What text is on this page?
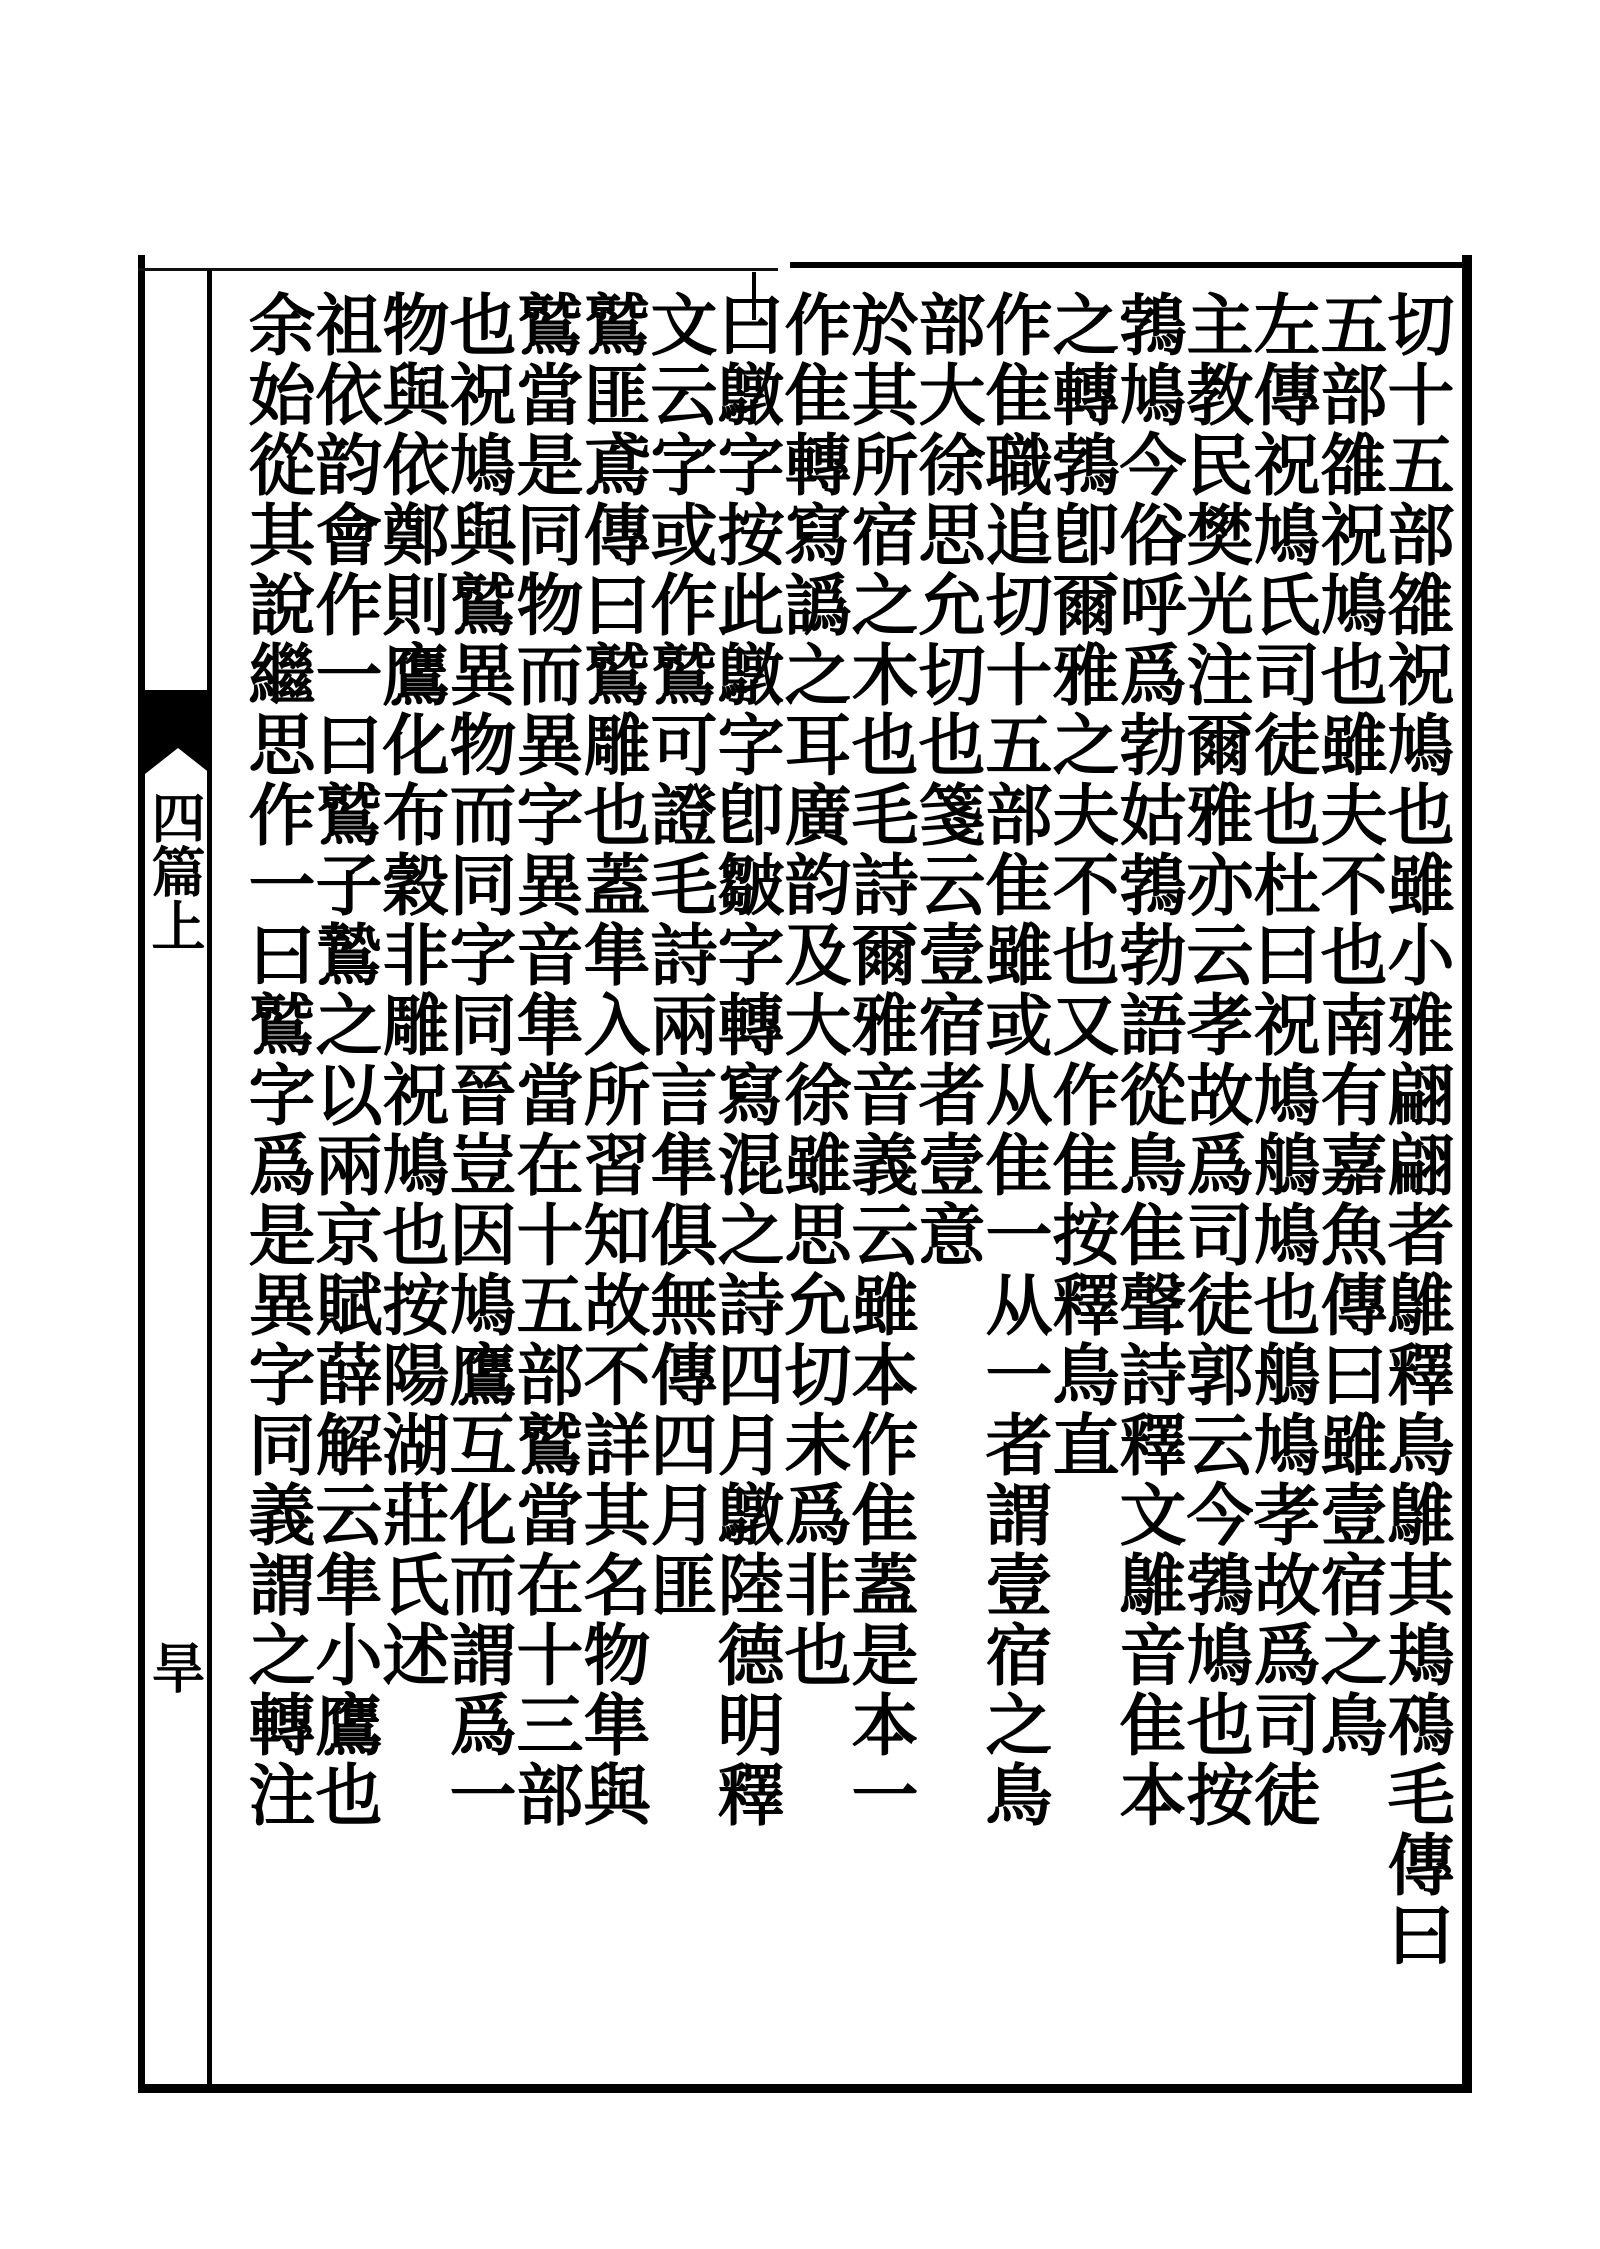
四篇上
旱	切十五部𨿅祝鳩也雖小雅翩翩者鵻釋鳥鵻其鳺鴀毛傳曰
五部𨿅祝鳩也雖夫不也南有嘉魚傳曰雖壹宿之鳥
左傳祝鳩氏司徒也杜曰祝鳩鵃鳩也鵃鳩孝故爲司徒
主教民樊光注爾雅亦云孝故爲司徒郭云今鵓鳩也按
鵓鳩今俗呼爲勃姑鵓勃語從鳥隹聲詩釋文鵻音隹本
之轉鵓卽爾雅之夫不也又作隹按釋鳥直
作隹職追切十五部隹雖或从隹一从一者謂壹宿之鳥
部大徐思允切也箋云壹宿者壹意
於其所宿之木也毛詩爾雅音義云雖本作隹蓋是本一
作隹轉寫譌之耳廣韵及大徐雖思允切未爲非也
曰鷻字按此鷻字卽皺字轉寫混之詩四月鷻陸德明釋
文云字或作鷲可證毛詩兩言隼俱無傳四月匪
鷲匪鳶傳曰鷲雕也蓋隼入所習知故不詳其名物隼與
鷲當是同物而異字異音隼當在十五部鷲當在十三部
也祝鳩與鷲異物而同字同晉豈因鳩鷹互化而謂爲一
物與依鄭則鷹化布穀非雕祝鳩也按陽湖莊氏述
祖依韵會作一曰鷲子鷙之以兩京賦薛解云隼小鷹也
余始從其說繼思作一曰鷲字爲是異字同義謂之轉注
